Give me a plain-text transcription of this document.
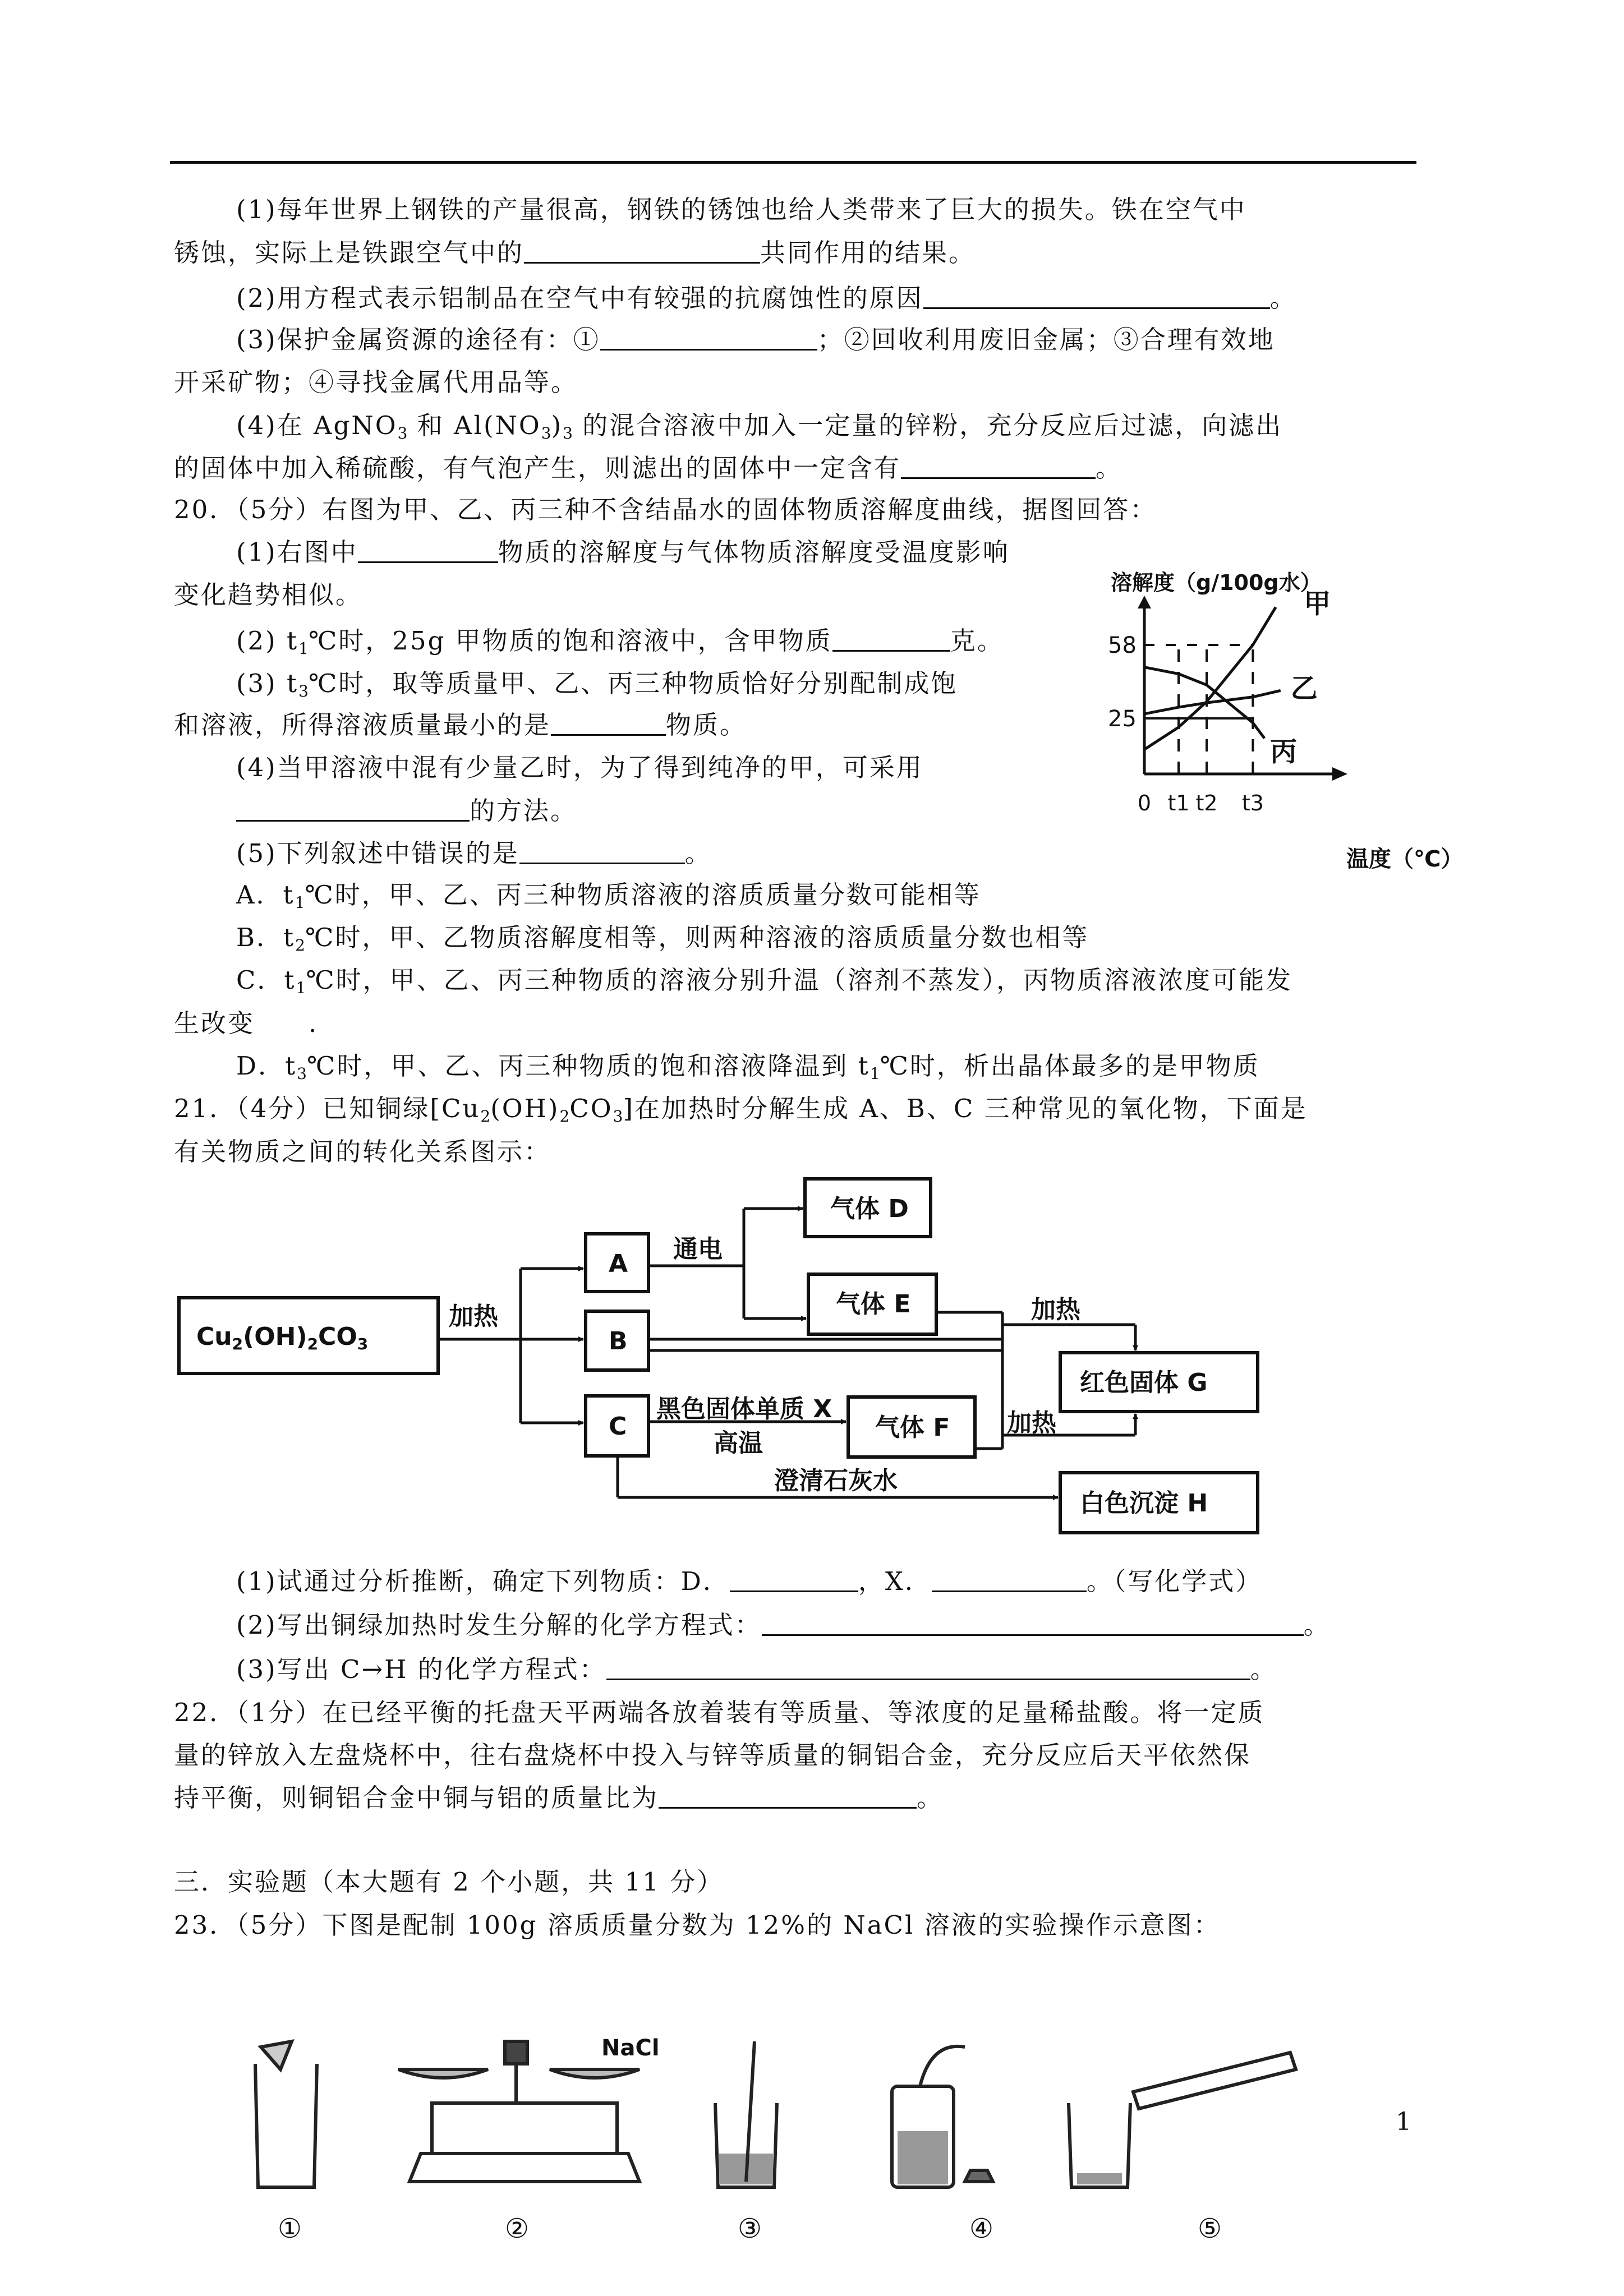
(1)每年世界上钢铁的产量很高，钢铁的锈蚀也给人类带来了巨大的损失。铁在空气中
锈蚀，实际上是铁跟空气中的	共同作用的结果。
(2)用方程式表示铝制品在空气中有较强的抗腐蚀性的原因	。
(3)保护金属资源的途径有：①	；②回收利用废旧金属；③合理有效地
开采矿物；④寻找金属代用品等。
(4)在 AgNO$_3$ 和 $Al(NO_3)_3$ 的混合溶液中加入一定量的锌粉，充分反应后过滤，向滤出
的固体中加入稀硫酸，有气泡产生，则滤出的固体中一定含有	。
20．（5分）右图为甲、乙、丙三种不含结晶水的固体物质溶解度曲线，据图回答：
(1)右图中	物质的溶解度与气体物质溶解度受温度影响
变化趋势相似。
(2) $t_1℃$时，25g 甲物质的饱和溶液中，含甲物质	克。
(3) $t_3℃$时，取等质量甲、乙、丙三种物质恰好分别配制成饱
和溶液，所得溶液质量最小的是	物质。
(4)当甲溶液中混有少量乙时，为了得到纯净的甲，可采用
的方法。
(5)下列叙述中错误的是	。
A．$t_1℃$时，甲、乙、丙三种物质溶液的溶质质量分数可能相等
B．$t_2℃$时，甲、乙物质溶解度相等，则两种溶液的溶质质量分数也相等
C．$t_1℃$时，甲、乙、丙三种物质的溶液分别升温（溶剂不蒸发），丙物质溶液浓度可能发
生改变　　.
D．$t_3℃$时，甲、乙、丙三种物质的饱和溶液降温到 $t_1℃$时，析出晶体最多的是甲物质
21．（4分）已知铜绿$[Cu_2(OH)_2CO_3]$在加热时分解生成 A、B、C 三种常见的氧化物，下面是
有关物质之间的转化关系图示：
(1)试通过分析推断，确定下列物质：D．	，X．	。（写化学式）
(2)写出铜绿加热时发生分解的化学方程式：	。
(3)写出 C→H 的化学方程式：	。
22．（1分）在已经平衡的托盘天平两端各放着装有等质量、等浓度的足量稀盐酸。将一定质
量的锌放入左盘烧杯中，往右盘烧杯中投入与锌等质量的铜铝合金，充分反应后天平依然保
持平衡，则铜铝合金中铜与铝的质量比为	。
三．实验题（本大题有 2 个小题，共 11 分）
23．（5分）下图是配制 100g 溶质质量分数为 12%的 NaCl 溶液的实验操作示意图：
溶解度（g/100g水）
58
25
0 t1 t2 t3
甲
乙
丙
温度（℃）
Cu2(OH)2CO3
加热
A
B
C
通电
气体 D
气体 E
气体 F
红色固体 G
白色沉淀 H
加热
加热
黑色固体单质 X
高温
澄清石灰水
NaCl
①	②	③	④	⑤
1
